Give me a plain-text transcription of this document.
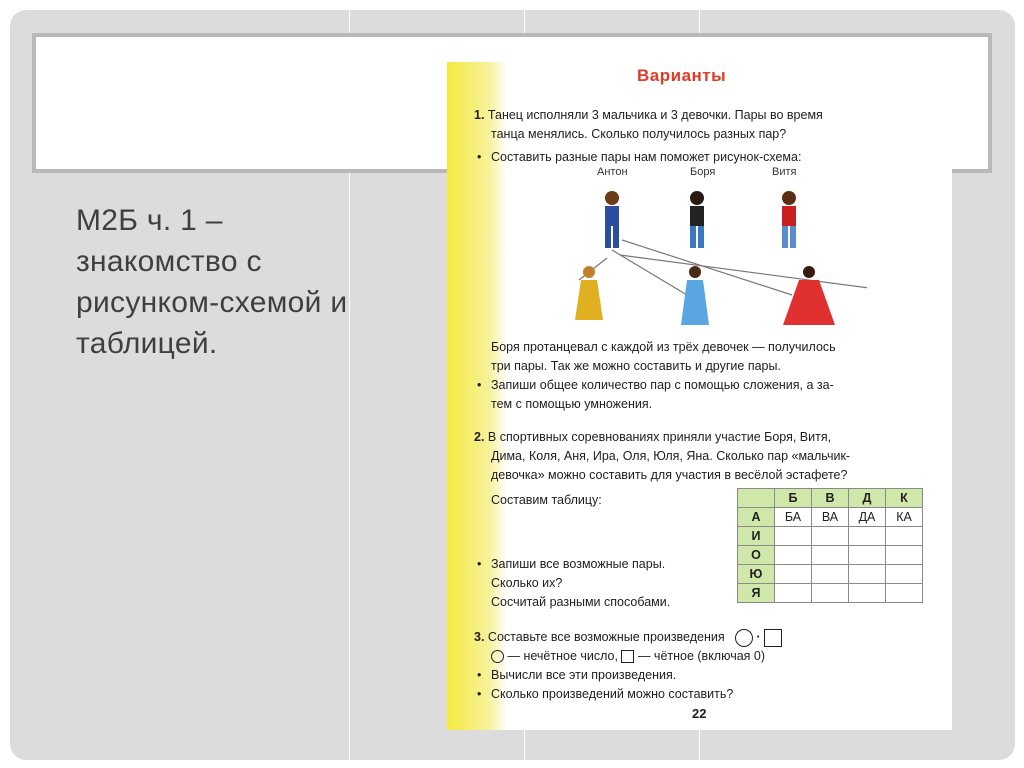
М2Б ч. 1 –
знакомство с
рисунком-схемой и
таблицей.
Варианты
1. Танец исполняли 3 мальчика и 3 девочки. Пары во время
танца менялись. Сколько получилось разных пар?
• Составить разные пары нам поможет рисунок-схема:
Антон	Боря	Витя
Боря протанцевал с каждой из трёх девочек — получилось
три пары. Так же можно составить и другие пары.
• Запиши общее количество пар с помощью сложения, а за-
тем с помощью умножения.
2. В спортивных соревнованиях приняли участие Боря, Витя,
Дима, Коля, Аня, Ира, Оля, Юля, Яна. Сколько пар «мальчик-
девочка» можно составить для участия в весёлой эстафете?
Составим таблицу:
		Б	В	Д	К
А	БА	ВА	ДА	КА
И				
О				
Ю				
Я				
• Запиши все возможные пары.
Сколько их?
Сосчитай разными способами.
3. Составьте все возможные произведения	·
— нечётное число, — чётное (включая 0)
• Вычисли все эти произведения.
• Сколько произведений можно составить?
22
